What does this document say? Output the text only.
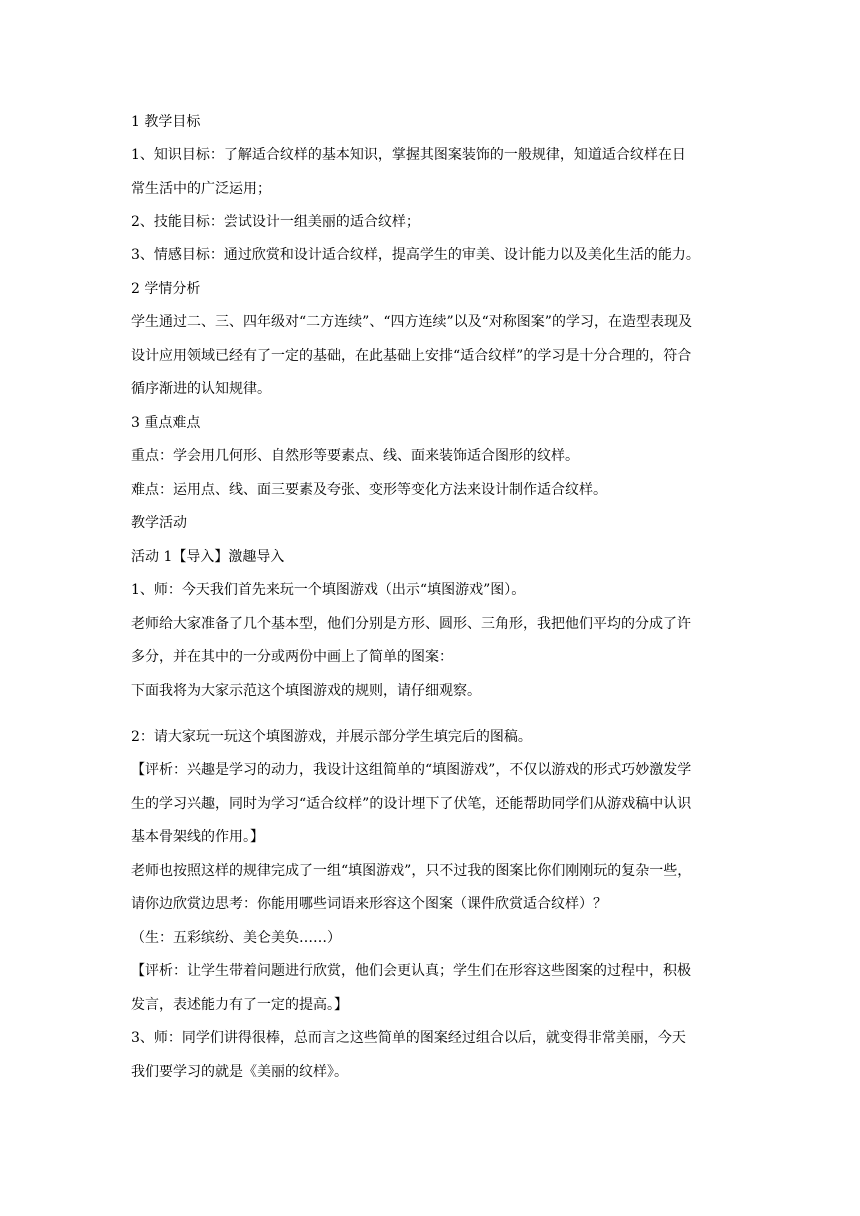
1 教学目标
1、知识目标：了解适合纹样的基本知识，掌握其图案装饰的一般规律，知道适合纹样在日
常生活中的广泛运用；
2、技能目标：尝试设计一组美丽的适合纹样；
3、情感目标：通过欣赏和设计适合纹样，提高学生的审美、设计能力以及美化生活的能力。
2 学情分析
学生通过二、三、四年级对“二方连续”、“四方连续”以及“对称图案”的学习，在造型表现及
设计应用领域已经有了一定的基础，在此基础上安排“适合纹样”的学习是十分合理的，符合
循序渐进的认知规律。
3 重点难点
重点：学会用几何形、自然形等要素点、线、面来装饰适合图形的纹样。
难点：运用点、线、面三要素及夸张、变形等变化方法来设计制作适合纹样。
教学活动
活动 1【导入】激趣导入
1、师：今天我们首先来玩一个填图游戏（出示“填图游戏”图）。
老师给大家准备了几个基本型，他们分别是方形、圆形、三角形，我把他们平均的分成了许
多分，并在其中的一分或两份中画上了简单的图案：
下面我将为大家示范这个填图游戏的规则，请仔细观察。
2：请大家玩一玩这个填图游戏，并展示部分学生填完后的图稿。
【评析：兴趣是学习的动力，我设计这组简单的“填图游戏”，不仅以游戏的形式巧妙激发学
生的学习兴趣，同时为学习“适合纹样”的设计埋下了伏笔，还能帮助同学们从游戏稿中认识
基本骨架线的作用。】
老师也按照这样的规律完成了一组“填图游戏”，只不过我的图案比你们刚刚玩的复杂一些，
请你边欣赏边思考：你能用哪些词语来形容这个图案（课件欣赏适合纹样）？
（生：五彩缤纷、美仑美奂……）
【评析：让学生带着问题进行欣赏，他们会更认真；学生们在形容这些图案的过程中，积极
发言，表述能力有了一定的提高。】
3、师：同学们讲得很棒，总而言之这些简单的图案经过组合以后，就变得非常美丽，今天
我们要学习的就是《美丽的纹样》。
